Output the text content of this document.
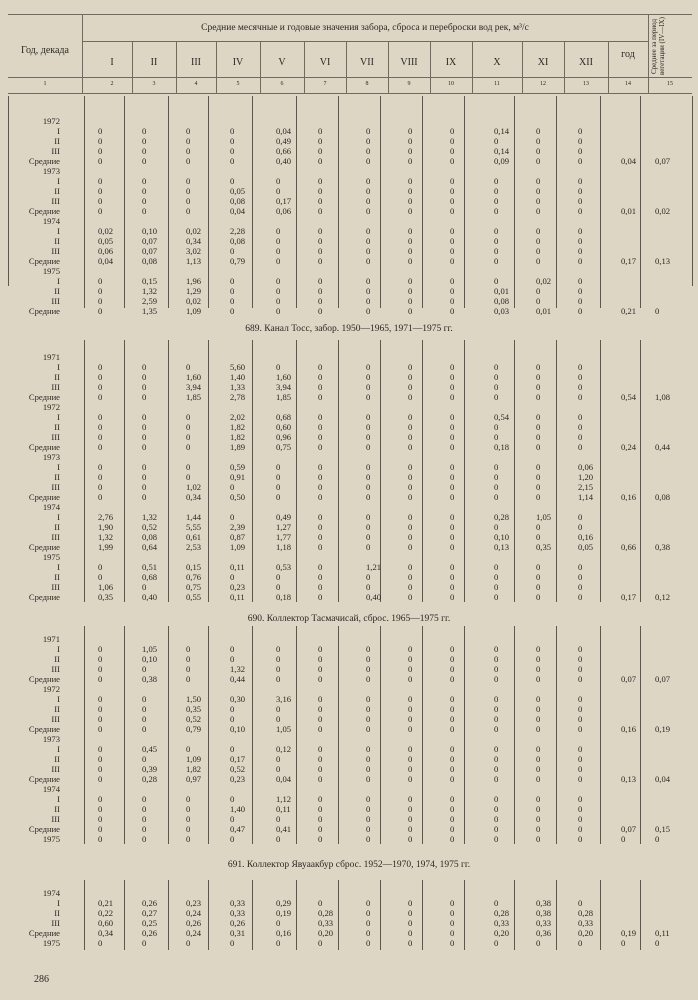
Год, декада
Средние месячные и годовые значения забора, сброса и переброски вод рек, м³/с
I	II	III	IV	V	VI	VII	VIII	IX	X	XI	XII
год	Среднее за период вегетации (IV—IX)
1	2	3	4	5	6	7	8	9	10	11	12	13	14	15
1972
I	0	0	0	0	0,04	0	0	0	0	0,14	0	0
II	0	0	0	0	0,49	0	0	0	0	0	0	0
III	0	0	0	0	0,66	0	0	0	0	0,14	0	0
Средние	0	0	0	0	0,40	0	0	0	0	0,09	0	0	0,04 0,07
1973
I	0	0	0	0	0	0	0	0	0	0	0	0
II	0	0	0	0,05	0	0	0	0	0	0	0	0
III	0	0	0	0,08	0,17	0	0	0	0	0	0	0
Средние	0	0	0	0,04	0,06	0	0	0	0	0	0	0	0,01 0,02
1974
I	0,02	0,10	0,02	2,28	0	0	0	0	0	0	0	0
II	0,05	0,07	0,34	0,08	0	0	0	0	0	0	0	0
III	0,06	0,07	3,02	0	0	0	0	0	0	0	0	0
Средние	0,04	0,08	1,13	0,79	0	0	0	0	0	0	0	0	0,17 0,13
1975
I	0	0,15	1,96	0	0	0	0	0	0	0	0,02	0
II	0	1,32	1,29	0	0	0	0	0	0	0,01	0	0
III	0	2,59	0,02	0	0	0	0	0	0	0,08	0	0
Средние	0	1,35	1,09	0	0	0	0	0	0	0,03	0,01	0	0,21 0
689. Канал Тосс, забор. 1950—1965, 1971—1975 гг.
1971
I	0	0	0	5,60	0	0	0	0	0	0	0	0
II	0	0	1,60	1,40	1,60	0	0	0	0	0	0	0
III	0	0	3,94	1,33	3,94	0	0	0	0	0	0	0
Средние	0	0	1,85	2,78	1,85	0	0	0	0	0	0	0	0,54 1,08
1972
I	0	0	0	2,02	0,68	0	0	0	0	0,54	0	0
II	0	0	0	1,82	0,60	0	0	0	0	0	0	0
III	0	0	0	1,82	0,96	0	0	0	0	0	0	0
Средние	0	0	0	1,89	0,75	0	0	0	0	0,18	0	0	0,24 0,44
1973
I	0	0	0	0,59	0	0	0	0	0	0	0	0,06
II	0	0	0	0,91	0	0	0	0	0	0	0	1,20
III	0	0	1,02	0	0	0	0	0	0	0	0	2,15
Средние	0	0	0,34	0,50	0	0	0	0	0	0	0	1,14	0,16 0,08
1974
I	2,76	1,32	1,44	0	0,49	0	0	0	0	0,28	1,05	0
II	1,90	0,52	5,55	2,39	1,27	0	0	0	0	0	0	0
III	1,32	0,08	0,61	0,87	1,77	0	0	0	0	0,10	0	0,16
Средние	1,99	0,64	2,53	1,09	1,18	0	0	0	0	0,13	0,35	0,05	0,66 0,38
1975
I	0	0,51	0,15	0,11	0,53	0	1,21	0	0	0	0	0
II	0	0,68	0,76	0	0	0	0	0	0	0	0	0
III	1,06	0	0,75	0,23	0	0	0	0	0	0	0	0
Средние	0,35	0,40	0,55	0,11	0,18	0	0,40	0	0	0	0	0	0,17 0,12
690. Коллектор Тасмачисай, сброс. 1965—1975 гг.
1971
I	0	1,05	0	0	0	0	0	0	0	0	0	0
II	0	0,10	0	0	0	0	0	0	0	0	0	0
III	0	0	0	1,32	0	0	0	0	0	0	0	0
Средние	0	0,38	0	0,44	0	0	0	0	0	0	0	0	0,07 0,07
1972
I	0	0	1,50	0,30	3,16	0	0	0	0	0	0	0
II	0	0	0,35	0	0	0	0	0	0	0	0	0
III	0	0	0,52	0	0	0	0	0	0	0	0	0
Средние	0	0	0,79	0,10	1,05	0	0	0	0	0	0	0	0,16 0,19
1973
I	0	0,45	0	0	0,12	0	0	0	0	0	0	0
II	0	0	1,09	0,17	0	0	0	0	0	0	0	0
III	0	0,39	1,82	0,52	0	0	0	0	0	0	0	0
Средние	0	0,28	0,97	0,23	0,04	0	0	0	0	0	0	0	0,13 0,04
1974
I	0	0	0	0	1,12	0	0	0	0	0	0	0
II	0	0	0	1,40	0,11	0	0	0	0	0	0	0
III	0	0	0	0	0	0	0	0	0	0	0	0
Средние	0	0	0	0,47	0,41	0	0	0	0	0	0	0	0,07 0,15
1975	0	0	0	0	0	0	0	0	0	0	0	0	0	0
691. Коллектор Явуаакбур сброс. 1952—1970, 1974, 1975 гг.
1974
I	0,21	0,26	0,23	0,33	0,29	0	0	0	0	0	0,38	0
II	0,22	0,27	0,24	0,33	0,19	0,28	0	0	0	0,28	0,38	0,28
III	0,60	0,25	0,26	0,26	0	0,33	0	0	0	0,33	0,33	0,33
Средние	0,34	0,26	0,24	0,31	0,16	0,20	0	0	0	0,20	0,36	0,20	0,19 0,11
1975	0	0	0	0	0	0	0	0	0	0	0	0	0	0
286
